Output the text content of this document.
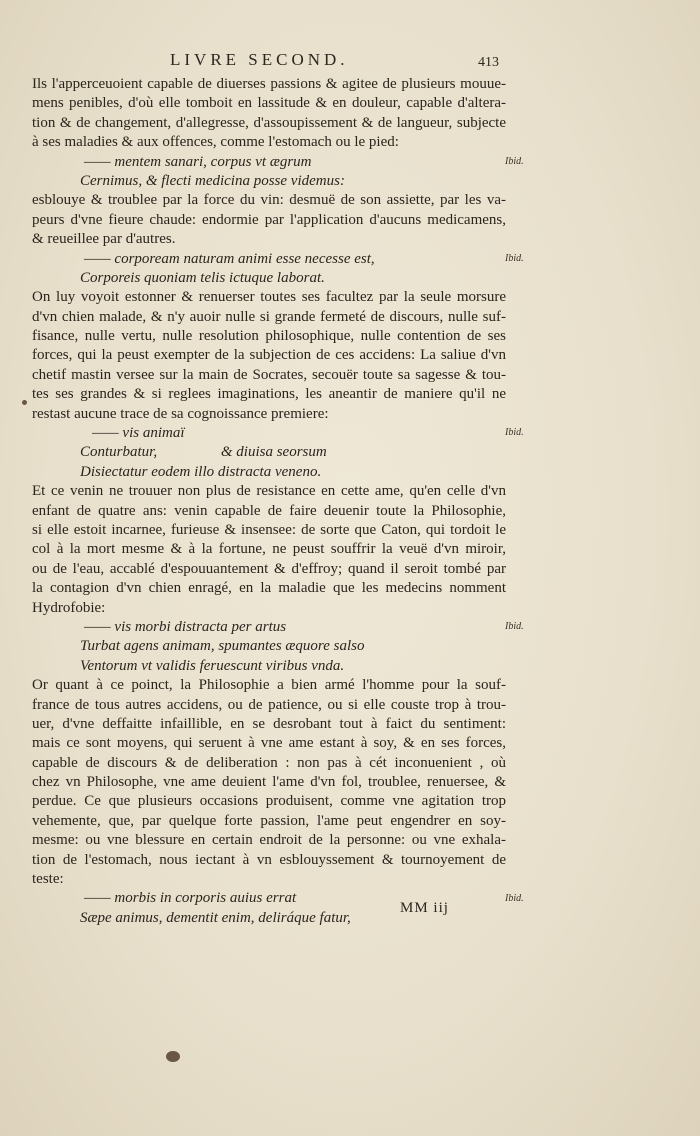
LIVRE SECOND.	413
Ils l'apperceuoient capable de diuerses passions & agitee de plusieurs mouue-
mens penibles, d'où elle tomboit en lassitude & en douleur, capable d'altera-
tion & de changement, d'allegresse, d'assoupissement & de langueur, subjecte
à ses maladies & aux offences, comme l'estomach ou le pied:
—— mentem sanari, corpus vt ægrum
Cernimus, & flecti medicina posse videmus:
esblouye & troublee par la force du vin: desmuë de son assiette, par les va-
peurs d'vne fieure chaude: endormie par l'application d'aucuns medicamens,
& reueillee par d'autres.
—— corpoream naturam animi esse necesse est,
Corporeis quoniam telis ictuque laborat.
On luy voyoit estonner & renuerser toutes ses facultez par la seule morsure
d'vn chien malade, & n'y auoir nulle si grande fermeté de discours, nulle suf-
fisance, nulle vertu, nulle resolution philosophique, nulle contention de ses
forces, qui la peust exempter de la subjection de ces accidens: La saliue d'vn
chetif mastin versee sur la main de Socrates, secouër toute sa sagesse & tou-
tes ses grandes & si reglees imaginations, les aneantir de maniere qu'il ne
restast aucune trace de sa cognoissance premiere:
—— vis animaï
Conturbatur,	& diuisa seorsum
Disiectatur eodem illo distracta veneno.
Et ce venin ne trouuer non plus de resistance en cette ame, qu'en celle d'vn
enfant de quatre ans: venin capable de faire deuenir toute la Philosophie,
si elle estoit incarnee, furieuse & insensee: de sorte que Caton, qui tordoit le
col à la mort mesme & à la fortune, ne peust souffrir la veuë d'vn miroir,
ou de l'eau, accablé d'espouuantement & d'effroy; quand il seroit tombé par
la contagion d'vn chien enragé, en la maladie que les medecins nomment
Hydrofobie:
—— vis morbi distracta per artus
Turbat agens animam, spumantes æquore salso
Ventorum vt validis feruescunt viribus vnda.
Or quant à ce poinct, la Philosophie a bien armé l'homme pour la souf-
france de tous autres accidens, ou de patience, ou si elle couste trop à trou-
uer, d'vne deffaitte infaillible, en se desrobant tout à faict du sentiment:
mais ce sont moyens, qui seruent à vne ame estant à soy, & en ses forces,
capable de discours & de deliberation : non pas à cét inconuenient , où
chez vn Philosophe, vne ame deuient l'ame d'vn fol, troublee, renuersee, &
perdue. Ce que plusieurs occasions produisent, comme vne agitation trop
vehemente, que, par quelque forte passion, l'ame peut engendrer en soy-
mesme: ou vne blessure en certain endroit de la personne: ou vne exhala-
tion de l'estomach, nous iectant à vn esblouyssement & tournoyement de
teste:
—— morbis in corporis auius errat
Sæpe animus, dementit enim, deliráque fatur,
Ibid.
Ibid.
Ibid.
Ibid.
Ibid.
MM iij
